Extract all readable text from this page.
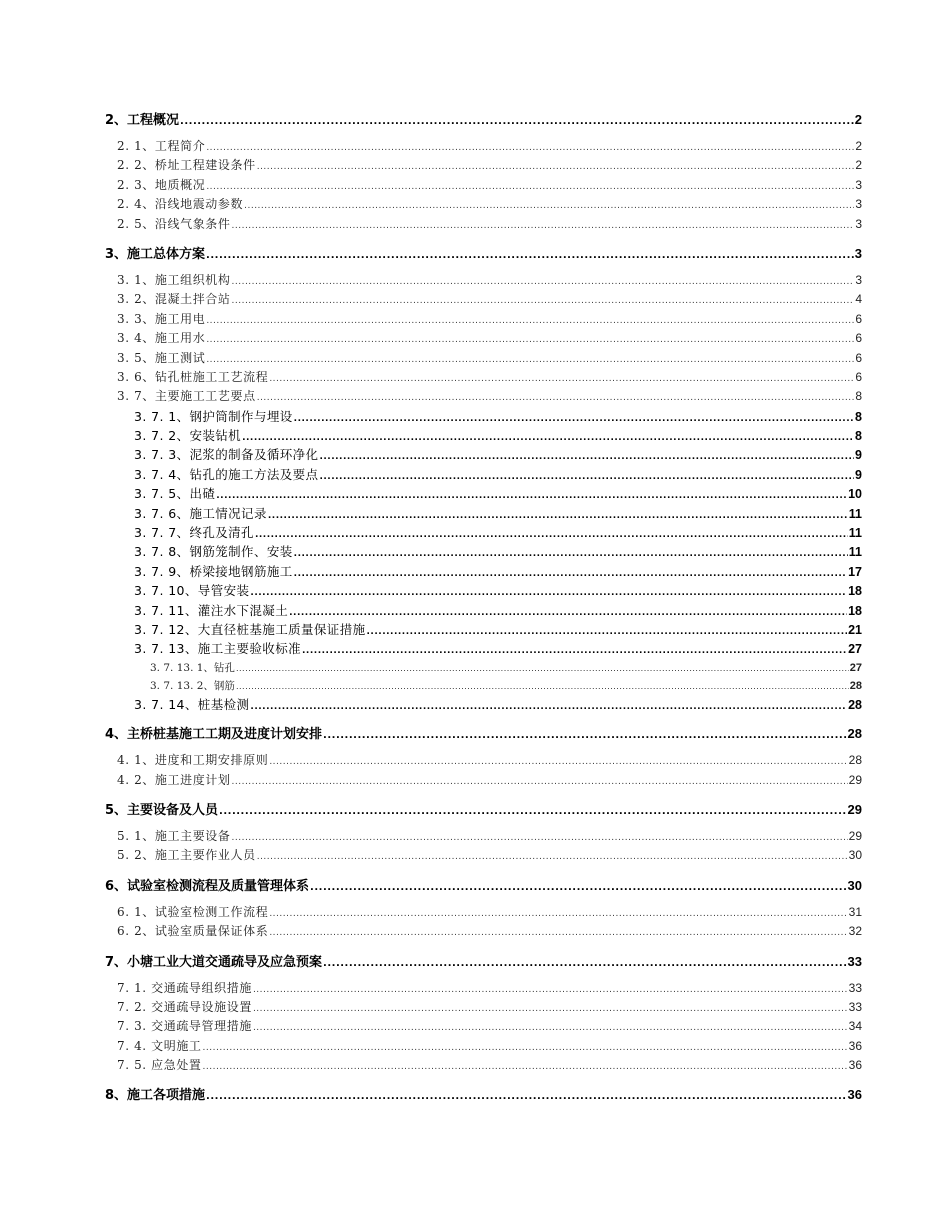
2、工程概况 .....	2
2. 1、工程简介 .....	2
2. 2、桥址工程建设条件 .....	2
2. 3、地质概况 .....	3
2. 4、沿线地震动参数 .....	3
2. 5、沿线气象条件 .....	3
3、施工总体方案 .....	3
3. 1、施工组织机构 .....	3
3. 2、混凝土拌合站 .....	4
3. 3、施工用电 .....	6
3. 4、施工用水 .....	6
3. 5、施工测试 .....	6
3. 6、钻孔桩施工工艺流程 .....	6
3. 7、主要施工工艺要点 .....	8
3. 7. 1、钢护筒制作与埋设 .....	8
3. 7. 2、安装钻机 .....	8
3. 7. 3、泥浆的制备及循环净化 .....	9
3. 7. 4、钻孔的施工方法及要点 .....	9
3. 7. 5、出碴 .....	10
3. 7. 6、施工情况记录 .....	11
3. 7. 7、终孔及清孔 .....	11
3. 7. 8、钢筋笼制作、安装 .....	11
3. 7. 9、桥梁接地钢筋施工 .....	17
3. 7. 10、导管安装 .....	18
3. 7. 11、灌注水下混凝土 .....	18
3. 7. 12、大直径桩基施工质量保证措施 .....	21
3. 7. 13、施工主要验收标准 .....	27
3. 7. 13. 1、钻孔 .....	27
3. 7. 13. 2、钢筋 .....	28
3. 7. 14、桩基检测 .....	28
4、主桥桩基施工工期及进度计划安排 .....	28
4. 1、进度和工期安排原则 .....	28
4. 2、施工进度计划 .....	29
5、主要设备及人员 .....	29
5. 1、施工主要设备 .....	29
5. 2、施工主要作业人员 .....	30
6、试验室检测流程及质量管理体系 .....	30
6. 1、试验室检测工作流程 .....	31
6. 2、试验室质量保证体系 .....	32
7、小塘工业大道交通疏导及应急预案 .....	33
7. 1. 交通疏导组织措施 .....	33
7. 2. 交通疏导设施设置 .....	33
7. 3. 交通疏导管理措施 .....	34
7. 4. 文明施工 .....	36
7. 5. 应急处置 .....	36
8、施工各项措施 .....	36
